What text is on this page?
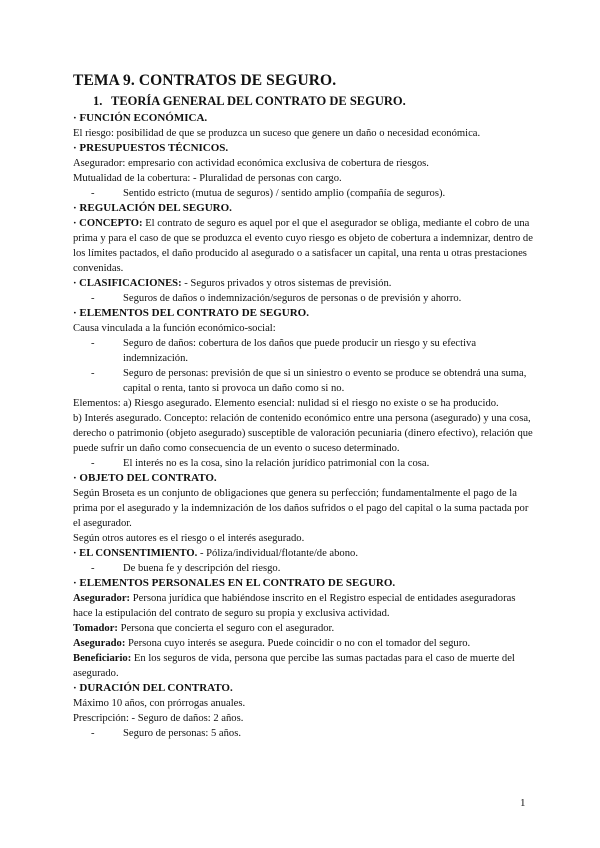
TEMA 9. CONTRATOS DE SEGURO.
1. TEORÍA GENERAL DEL CONTRATO DE SEGURO.
· FUNCIÓN ECONÓMICA.
El riesgo: posibilidad de que se produzca un suceso que genere un daño o necesidad económica.
· PRESUPUESTOS TÉCNICOS.
Asegurador: empresario con actividad económica exclusiva de cobertura de riesgos.
Mutualidad de la cobertura: - Pluralidad de personas con cargo.
-	Sentido estricto (mutua de seguros) / sentido amplio (compañía de seguros).
· REGULACIÓN DEL SEGURO.
· CONCEPTO: El contrato de seguro es aquel por el que el asegurador se obliga, mediante el cobro de una prima y para el caso de que se produzca el evento cuyo riesgo es objeto de cobertura a indemnizar, dentro de los límites pactados, el daño producido al asegurado o a satisfacer un capital, una renta u otras prestaciones convenidas.
· CLASIFICACIONES: - Seguros privados y otros sistemas de previsión.
-	Seguros de daños o indemnización/seguros de personas o de previsión y ahorro.
· ELEMENTOS DEL CONTRATO DE SEGURO.
Causa vinculada a la función económico-social:
-	Seguro de daños: cobertura de los daños que puede producir un riesgo y su efectiva indemnización.
-	Seguro de personas: previsión de que si un siniestro o evento se produce se obtendrá una suma, capital o renta, tanto si provoca un daño como si no.
Elementos: a) Riesgo asegurado. Elemento esencial: nulidad si el riesgo no existe o se ha producido.
b) Interés asegurado. Concepto: relación de contenido económico entre una persona (asegurado) y una cosa, derecho o patrimonio (objeto asegurado) susceptible de valoración pecuniaria (dinero efectivo), relación que puede sufrir un daño como consecuencia de un evento o suceso determinado.
-	El interés no es la cosa, sino la relación jurídico patrimonial con la cosa.
· OBJETO DEL CONTRATO.
Según Broseta es un conjunto de obligaciones que genera su perfección; fundamentalmente el pago de la prima por el asegurado y la indemnización de los daños sufridos o el pago del capital o la suma pactada por el asegurador.
Según otros autores es el riesgo o el interés asegurado.
· EL CONSENTIMIENTO. - Póliza/individual/flotante/de abono.
-	De buena fe y descripción del riesgo.
· ELEMENTOS PERSONALES EN EL CONTRATO DE SEGURO.
Asegurador: Persona jurídica que habiéndose inscrito en el Registro especial de entidades aseguradoras hace la estipulación del contrato de seguro su propia y exclusiva actividad.
Tomador: Persona que concierta el seguro con el asegurador.
Asegurado: Persona cuyo interés se asegura. Puede coincidir o no con el tomador del seguro.
Beneficiario: En los seguros de vida, persona que percibe las sumas pactadas para el caso de muerte del asegurado.
· DURACIÓN DEL CONTRATO.
Máximo 10 años, con prórrogas anuales.
Prescripción: - Seguro de daños: 2 años.
-	Seguro de personas: 5 años.
1
